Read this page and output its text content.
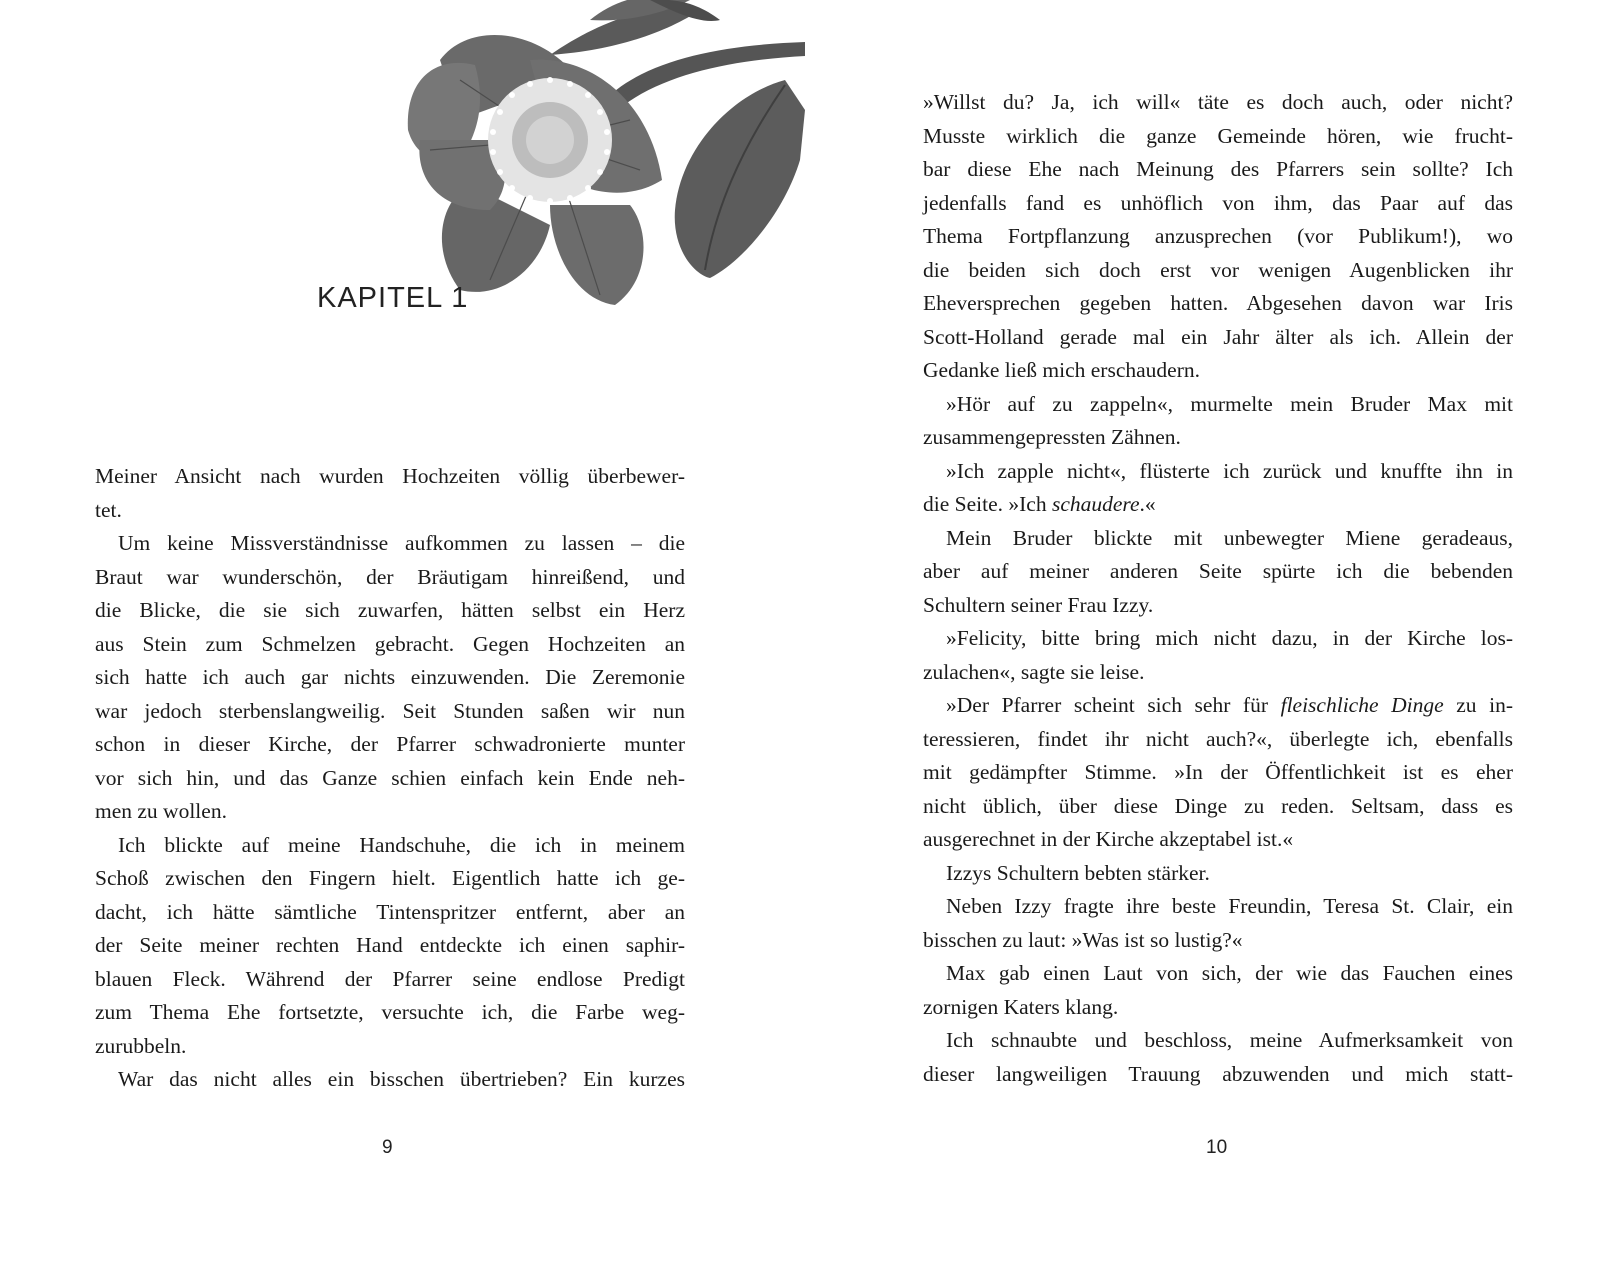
KAPITEL 1

Meiner Ansicht nach wurden Hochzeiten völlig überbewer-

tet.

Um keine Missverständnisse aufkommen zu lassen – die

Braut war wunderschön, der Bräutigam hinreißend, und

die Blicke, die sie sich zuwarfen, hätten selbst ein Herz

aus Stein zum Schmelzen gebracht. Gegen Hochzeiten an

sich hatte ich auch gar nichts einzuwenden. Die Zeremonie

war jedoch sterbenslangweilig. Seit Stunden saßen wir nun

schon in dieser Kirche, der Pfarrer schwadronierte munter

vor sich hin, und das Ganze schien einfach kein Ende neh-

men zu wollen.

Ich blickte auf meine Handschuhe, die ich in meinem

Schoß zwischen den Fingern hielt. Eigentlich hatte ich ge-

dacht, ich hätte sämtliche Tintenspritzer entfernt, aber an

der Seite meiner rechten Hand entdeckte ich einen saphir-

blauen Fleck. Während der Pfarrer seine endlose Predigt

zum Thema Ehe fortsetzte, versuchte ich, die Farbe weg-

zurubbeln.

War das nicht alles ein bisschen übertrieben? Ein kurzes

9

»Willst du? Ja, ich will« täte es doch auch, oder nicht?

Musste wirklich die ganze Gemeinde hören, wie frucht-

bar diese Ehe nach Meinung des Pfarrers sein sollte? Ich

jedenfalls fand es unhöflich von ihm, das Paar auf das

Thema Fortpflanzung anzusprechen (vor Publikum!), wo

die beiden sich doch erst vor wenigen Augenblicken ihr

Eheversprechen gegeben hatten. Abgesehen davon war Iris

Scott-Holland gerade mal ein Jahr älter als ich. Allein der

Gedanke ließ mich erschaudern.

»Hör auf zu zappeln«, murmelte mein Bruder Max mit

zusammengepressten Zähnen.

»Ich zapple nicht«, flüsterte ich zurück und knuffte ihn in

die Seite. »Ich schaudere.«

Mein Bruder blickte mit unbewegter Miene geradeaus,

aber auf meiner anderen Seite spürte ich die bebenden

Schultern seiner Frau Izzy.

»Felicity, bitte bring mich nicht dazu, in der Kirche los-

zulachen«, sagte sie leise.

»Der Pfarrer scheint sich sehr für fleischliche Dinge zu in-

teressieren, findet ihr nicht auch?«, überlegte ich, ebenfalls

mit gedämpfter Stimme. »In der Öffentlichkeit ist es eher

nicht üblich, über diese Dinge zu reden. Seltsam, dass es

ausgerechnet in der Kirche akzeptabel ist.«

Izzys Schultern bebten stärker.

Neben Izzy fragte ihre beste Freundin, Teresa St. Clair, ein

bisschen zu laut: »Was ist so lustig?«

Max gab einen Laut von sich, der wie das Fauchen eines

zornigen Katers klang.

Ich schnaubte und beschloss, meine Aufmerksamkeit von

dieser langweiligen Trauung abzuwenden und mich statt-

10
